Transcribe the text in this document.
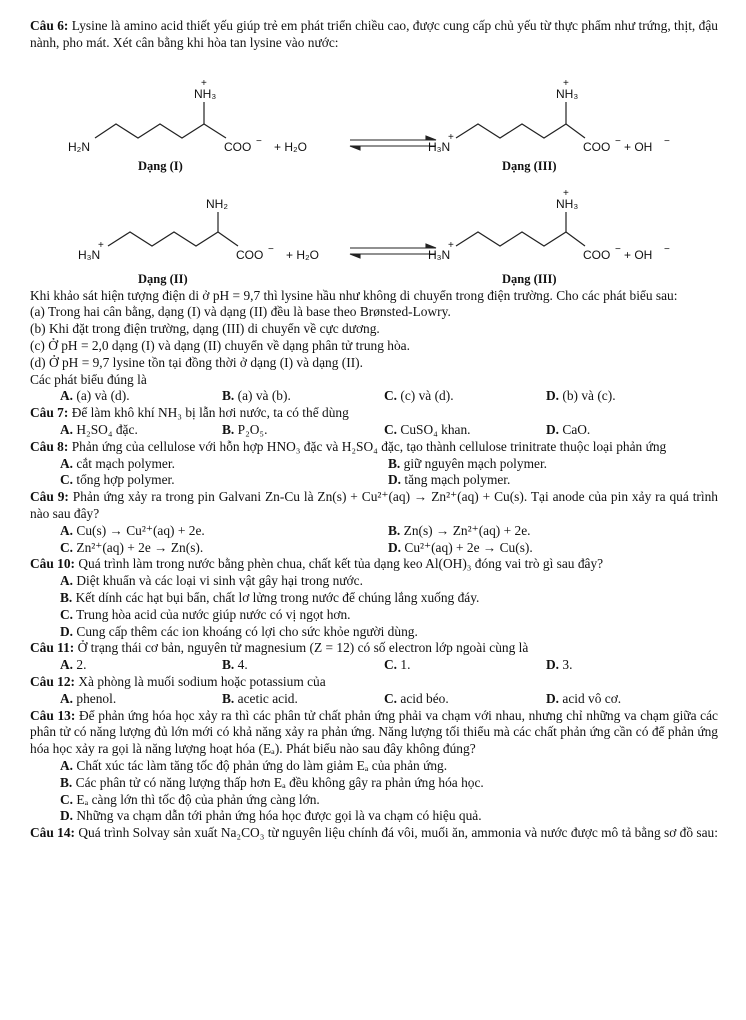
Câu 6: Lysine là amino acid thiết yếu giúp trẻ em phát triển chiều cao, được cung cấp chủ yếu từ thực phẩm như trứng, thịt, đậu nành, pho mát. Xét cân bằng khi hòa tan lysine vào nước:

H₂N
NH₃
+
COO − + H₂O	H₃N
+
NH₃
+
COO − + OH −
H₃N
+
NH₂
COO − + H₂O	H₃N
+
NH₃
+
COO − + OH −
Dạng (I)	Dạng (III)
Dạng (II)	Dạng (III)

Khi khảo sát hiện tượng điện di ở pH = 9,7 thì lysine hầu như không di chuyển trong điện trường. Cho các phát biểu sau:

(a) Trong hai cân bằng, dạng (I) và dạng (II) đều là base theo Brønsted-Lowry.

(b) Khi đặt trong điện trường, dạng (III) di chuyển về cực dương.

(c) Ở pH = 2,0 dạng (I) và dạng (II) chuyển về dạng phân tử trung hòa.

(d) Ở pH = 9,7 lysine tồn tại đồng thời ở dạng (I) và dạng (II).

Các phát biểu đúng là

A. (a) và (d).	B. (a) và (b).	C. (c) và (d).	D. (b) và (c).

Câu 7: Để làm khô khí NH₃ bị lẫn hơi nước, ta có thể dùng

A. H₂SO₄ đặc.	B. P₂O₅.	C. CuSO₄ khan.	D. CaO.

Câu 8: Phản ứng của cellulose với hỗn hợp HNO₃ đặc và H₂SO₄ đặc, tạo thành cellulose trinitrate thuộc loại phản ứng

A. cắt mạch polymer.	B. giữ nguyên mạch polymer.
C. tổng hợp polymer.	D. tăng mạch polymer.

Câu 9: Phản ứng xảy ra trong pin Galvani Zn-Cu là Zn(s) + Cu²⁺(aq) → Zn²⁺(aq) + Cu(s). Tại anode của pin xảy ra quá trình nào sau đây?

A. Cu(s) → Cu²⁺(aq) + 2e.	B. Zn(s) → Zn²⁺(aq) + 2e.
C. Zn²⁺(aq) + 2e → Zn(s).	D. Cu²⁺(aq) + 2e → Cu(s).

Câu 10: Quá trình làm trong nước bằng phèn chua, chất kết tủa dạng keo Al(OH)₃ đóng vai trò gì sau đây?

A. Diệt khuẩn và các loại vi sinh vật gây hại trong nước.
B. Kết dính các hạt bụi bẩn, chất lơ lửng trong nước để chúng lắng xuống đáy.
C. Trung hòa acid của nước giúp nước có vị ngọt hơn.
D. Cung cấp thêm các ion khoáng có lợi cho sức khỏe người dùng.

Câu 11: Ở trạng thái cơ bản, nguyên tử magnesium (Z = 12) có số electron lớp ngoài cùng là

A. 2.	B. 4.	C. 1.	D. 3.

Câu 12: Xà phòng là muối sodium hoặc potassium của

A. phenol.	B. acetic acid.	C. acid béo.	D. acid vô cơ.

Câu 13: Để phản ứng hóa học xảy ra thì các phân tử chất phản ứng phải va chạm với nhau, nhưng chỉ những va chạm giữa các phân tử có năng lượng đủ lớn mới có khả năng xảy ra phản ứng. Năng lượng tối thiểu mà các chất phản ứng cần có để phản ứng hóa học xảy ra gọi là năng lượng hoạt hóa (Eₐ). Phát biểu nào sau đây không đúng?

A. Chất xúc tác làm tăng tốc độ phản ứng do làm giảm Eₐ của phản ứng.
B. Các phân tử có năng lượng thấp hơn Eₐ đều không gây ra phản ứng hóa học.
C. Eₐ càng lớn thì tốc độ của phản ứng càng lớn.
D. Những va chạm dẫn tới phản ứng hóa học được gọi là va chạm có hiệu quả.

Câu 14: Quá trình Solvay sản xuất Na₂CO₃ từ nguyên liệu chính đá vôi, muối ăn, ammonia và nước được mô tả bằng sơ đồ sau:
